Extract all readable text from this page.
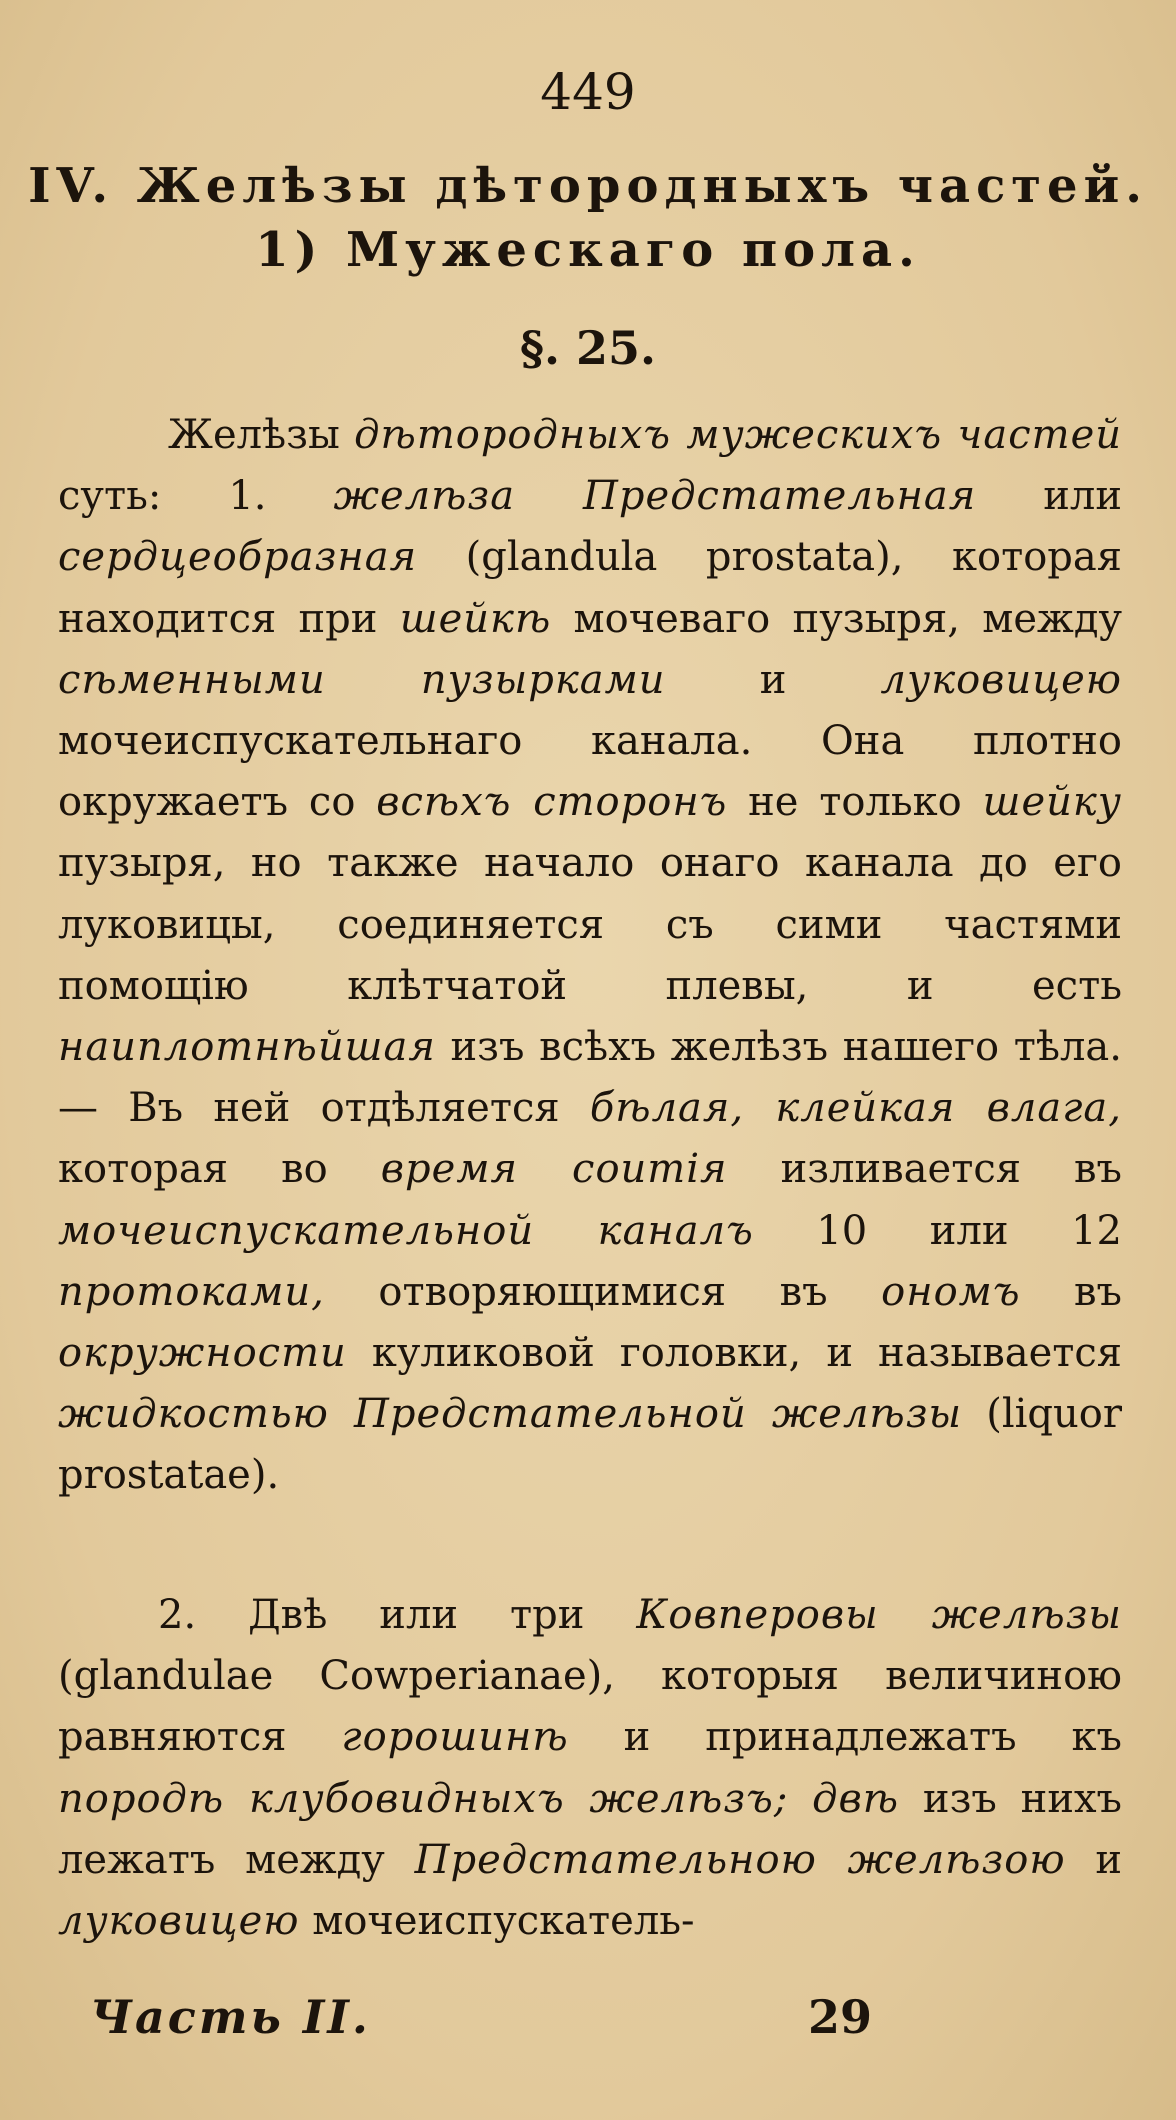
449
IV. Желѣзы дѣтородныхъ частей.
1) Мужескаго пола.
§. 25.

Желѣзы дѣтородныхъ мужескихъ частей суть: 1. желѣза Предстательная или сердцеобразная (glandula prostata), которая находится при шейкѣ мочеваго пузыря, между сѣменными пузырками и луковицею мочеиспускательнаго канала. Она плотно окружаетъ со всѣхъ сторонъ не только шейку пузыря, но также начало онаго канала до его луковицы, соединяется съ сими частями помощію клѣтчатой плевы, и есть наиплотнѣйшая изъ всѣхъ желѣзъ нашего тѣла. — Въ ней отдѣляется бѣлая, клейкая влага, которая во время соитія изливается въ мочеиспускательной каналъ 10 или 12 протоками, отворяющимися въ ономъ въ окружности куликовой головки, и называется жидкостью Предстательной желѣзы (liquor prostatae).

2. Двѣ или три Ковперовы желѣзы (glandulae Cowperianae), которыя величиною равняются горошинѣ и принадлежатъ къ породѣ клубовидныхъ желѣзъ; двѣ изъ нихъ лежатъ между Предстательною желѣзою и луковицею мочеиспускатель-

Часть II.	29
